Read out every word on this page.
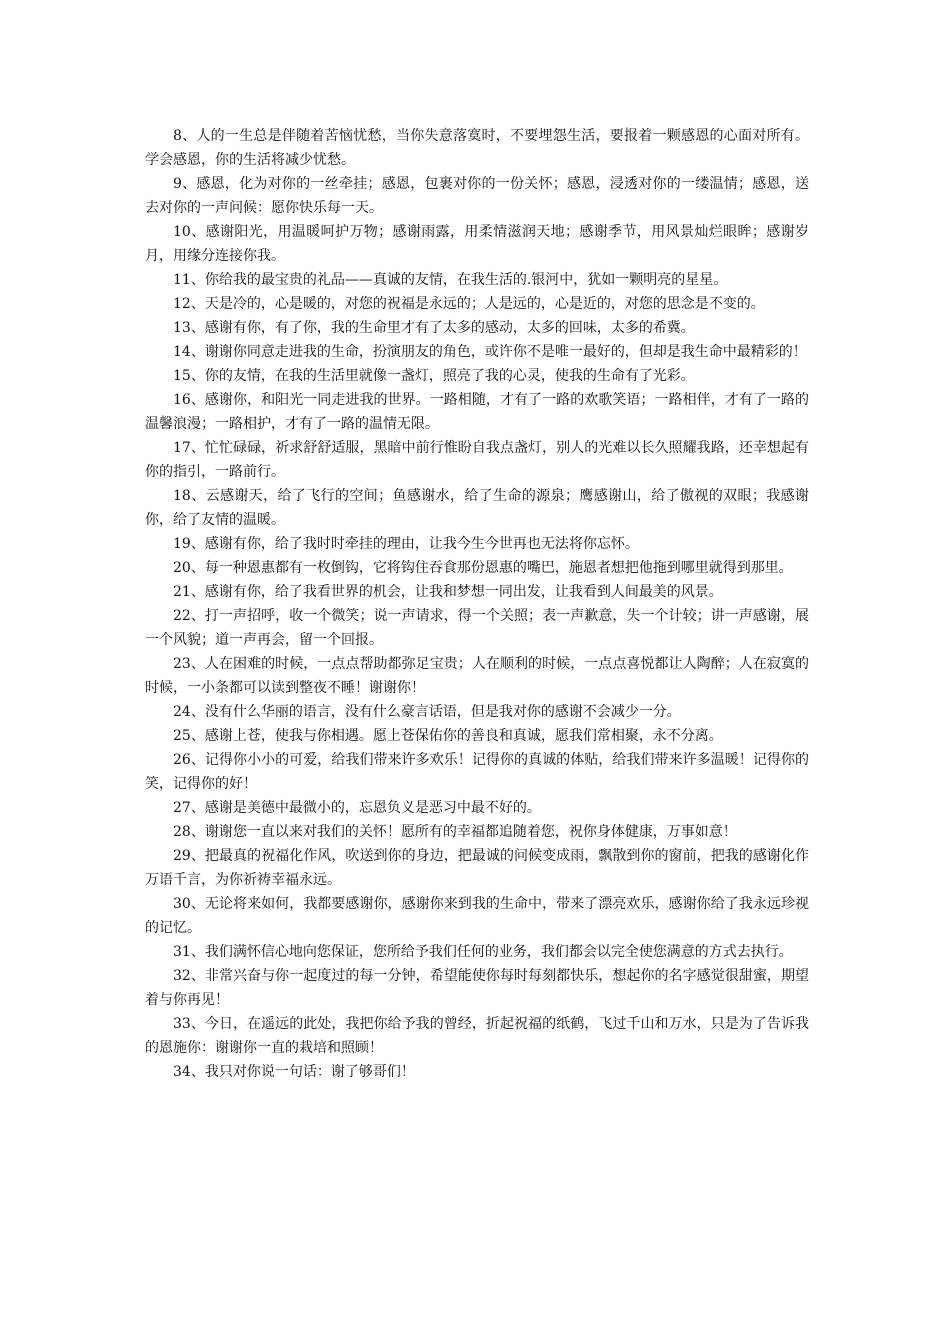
8、人的一生总是伴随着苦恼忧愁，当你失意落寞时，不要埋怨生活，要报着一颗感恩的心面对所有。学会感恩，你的生活将减少忧愁。

9、感恩，化为对你的一丝牵挂；感恩，包裹对你的一份关怀；感恩，浸透对你的一缕温情；感恩，送去对你的一声问候：愿你快乐每一天。

10、感谢阳光，用温暖呵护万物；感谢雨露，用柔情滋润天地；感谢季节，用风景灿烂眼眸；感谢岁月，用缘分连接你我。

11、你给我的最宝贵的礼品——真诚的友情，在我生活的.银河中，犹如一颗明亮的星星。

12、天是冷的，心是暖的，对您的祝福是永远的；人是远的，心是近的，对您的思念是不变的。

13、感谢有你，有了你，我的生命里才有了太多的感动，太多的回味，太多的希冀。

14、谢谢你同意走进我的生命，扮演朋友的角色，或许你不是唯一最好的，但却是我生命中最精彩的！

15、你的友情，在我的生活里就像一盏灯，照亮了我的心灵，使我的生命有了光彩。

16、感谢你，和阳光一同走进我的世界。一路相随，才有了一路的欢歌笑语；一路相伴，才有了一路的温馨浪漫；一路相护，才有了一路的温情无限。

17、忙忙碌碌，祈求舒舒适服，黑暗中前行惟盼自我点盏灯，别人的光难以长久照耀我路，还幸想起有你的指引，一路前行。

18、云感谢天，给了飞行的空间；鱼感谢水，给了生命的源泉；鹰感谢山，给了傲视的双眼；我感谢你，给了友情的温暖。

19、感谢有你，给了我时时牵挂的理由，让我今生今世再也无法将你忘怀。

20、每一种恩惠都有一枚倒钩，它将钩住吞食那份恩惠的嘴巴，施恩者想把他拖到哪里就得到那里。

21、感谢有你，给了我看世界的机会，让我和梦想一同出发，让我看到人间最美的风景。

22、打一声招呼，收一个微笑；说一声请求，得一个关照；表一声歉意，失一个计较；讲一声感谢，展一个风貌；道一声再会，留一个回报。

23、人在困难的时候，一点点帮助都弥足宝贵；人在顺利的时候，一点点喜悦都让人陶醉；人在寂寞的时候，一小条都可以读到整夜不睡！谢谢你！

24、没有什么华丽的语言，没有什么豪言话语，但是我对你的感谢不会减少一分。

25、感谢上苍，使我与你相遇。愿上苍保佑你的善良和真诚，愿我们常相聚，永不分离。

26、记得你小小的可爱，给我们带来许多欢乐！记得你的真诚的体贴，给我们带来许多温暖！记得你的笑，记得你的好！

27、感谢是美德中最微小的，忘恩负义是恶习中最不好的。

28、谢谢您一直以来对我们的关怀！愿所有的幸福都追随着您，祝你身体健康，万事如意！

29、把最真的祝福化作风，吹送到你的身边，把最诚的问候变成雨，飘散到你的窗前，把我的感谢化作万语千言，为你祈祷幸福永远。

30、无论将来如何，我都要感谢你，感谢你来到我的生命中，带来了漂亮欢乐，感谢你给了我永远珍视的记忆。

31、我们满怀信心地向您保证，您所给予我们任何的业务，我们都会以完全使您满意的方式去执行。

32、非常兴奋与你一起度过的每一分钟，希望能使你每时每刻都快乐，想起你的名字感觉很甜蜜，期望着与你再见！

33、今日，在遥远的此处，我把你给予我的曾经，折起祝福的纸鹤，飞过千山和万水，只是为了告诉我的恩施你：谢谢你一直的栽培和照顾！

34、我只对你说一句话：谢了够哥们！
